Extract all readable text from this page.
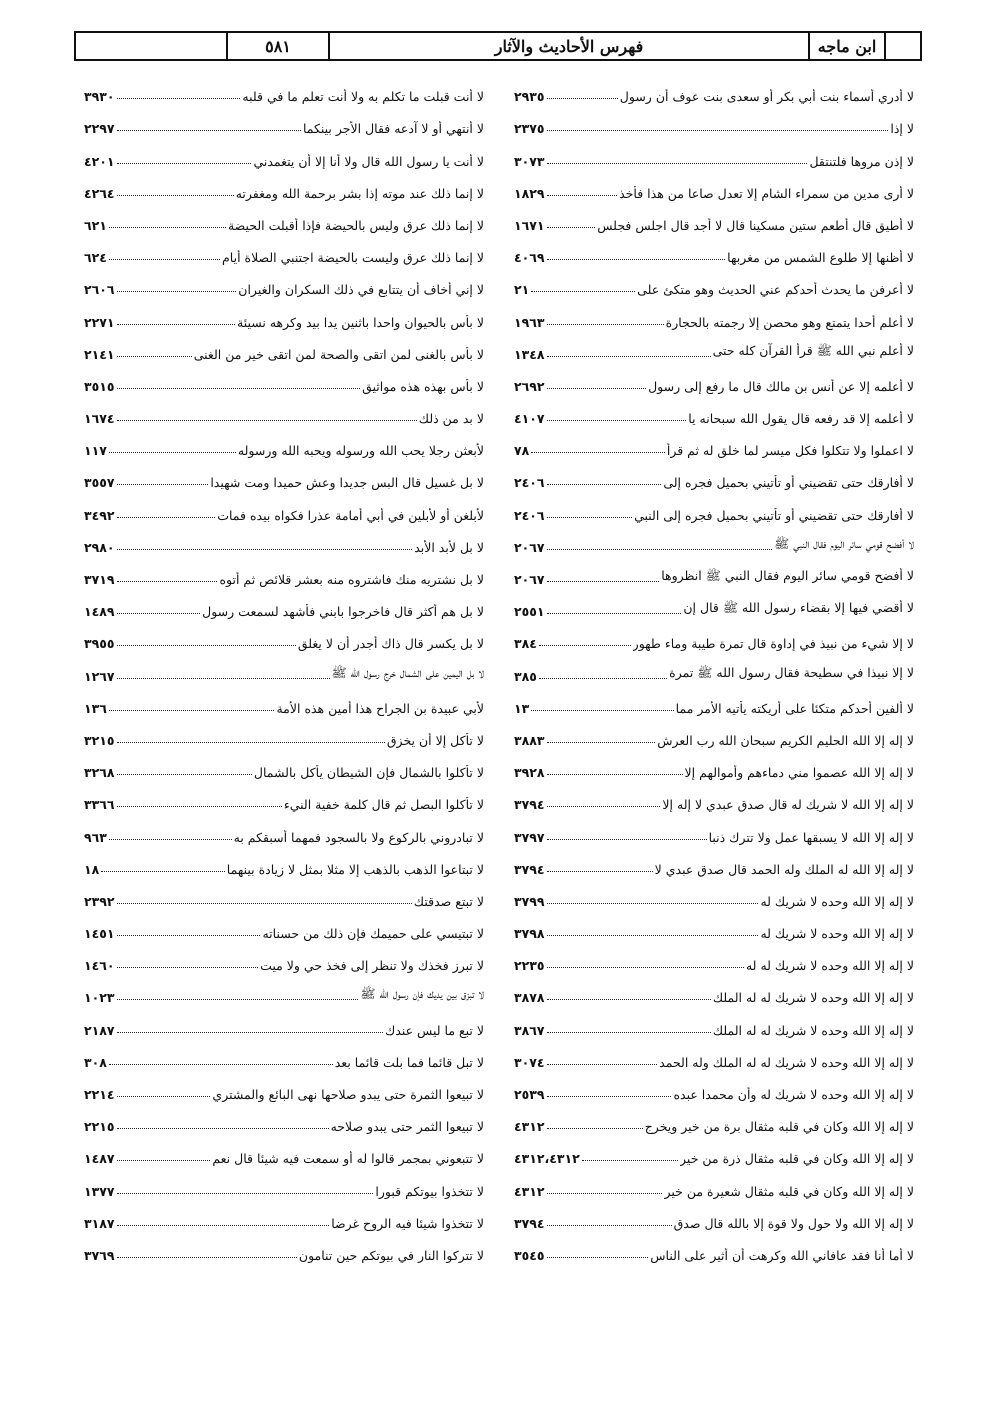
ابن ماجه
فهرس الأحاديث والآثار
٥٨١
لا أدري أسماء بنت أبي بكر أو سعدى بنت عوف أن رسول
٢٩٣٥
لا إذا
٢٣٧٥
لا إذن مروها فلتنتقل
٣٠٧٣
لا أرى مدين من سمراء الشام إلا تعدل صاعا من هذا فأخذ
١٨٢٩
لا أطيق قال أطعم ستين مسكينا قال لا أجد قال اجلس فجلس
١٦٧١
لا أظنها إلا طلوع الشمس من مغربها
٤٠٦٩
لا أعرفن ما يحدث أحدكم عني الحديث وهو متكئ على
٢١
لا أعلم أحدا يتمتع وهو محصن إلا رجمته بالحجارة
١٩٦٣
لا أعلم نبي الله ﷺ قرأ القرآن كله حتى
١٣٤٨
لا أعلمه إلا عن أنس بن مالك قال ما رفع إلى رسول
٢٦٩٢
لا أعلمه إلا قد رفعه قال يقول الله سبحانه يا
٤١٠٧
لا اعملوا ولا تتكلوا فكل ميسر لما خلق له ثم قرأ
٧٨
لا أفارقك حتى تقضيني أو تأتيني بحميل فجره إلى
٢٤٠٦
لا أفارقك حتى تقضيني أو تأتيني بحميل فجره إلى النبي
٢٤٠٦
لا أفضح قومي سائر اليوم فقال النبي ﷺ
٢٠٦٧
لا أفضح قومي سائر اليوم فقال النبي ﷺ انظروها
٢٠٦٧
لا أقضي فيها إلا بقضاء رسول الله ﷺ قال إن
٢٥٥١
لا إلا شيء من نبيذ في إداوة قال تمرة طيبة وماء طهور
٣٨٤
لا إلا نبيذا في سطيحة فقال رسول الله ﷺ تمرة
٣٨٥
لا ألفين أحدكم متكئا على أريكته يأتيه الأمر مما
١٣
لا إله إلا الله الحليم الكريم سبحان الله رب العرش
٣٨٨٣
لا إله إلا الله عصموا مني دماءهم وأموالهم إلا
٣٩٢٨
لا إله إلا الله لا شريك له قال صدق عبدي لا إله إلا
٣٧٩٤
لا إله إلا الله لا يسبقها عمل ولا تترك ذنبا
٣٧٩٧
لا إله إلا الله له الملك وله الحمد قال صدق عبدي لا
٣٧٩٤
لا إله إلا الله وحده لا شريك له
٣٧٩٩
لا إله إلا الله وحده لا شريك له
٣٧٩٨
لا إله إلا الله وحده لا شريك له له
٢٢٣٥
لا إله إلا الله وحده لا شريك له له الملك
٣٨٧٨
لا إله إلا الله وحده لا شريك له له الملك
٣٨٦٧
لا إله إلا الله وحده لا شريك له له الملك وله الحمد
٣٠٧٤
لا إله إلا الله وحده لا شريك له وأن محمدا عبده
٢٥٣٩
لا إله إلا الله وكان في قلبه مثقال برة من خير ويخرج
٤٣١٢
لا إله إلا الله وكان في قلبه مثقال ذرة من خير
٤٣١٢،٤٣١٢
لا إله إلا الله وكان في قلبه مثقال شعيرة من خير
٤٣١٢
لا إله إلا الله ولا حول ولا قوة إلا بالله قال صدق
٣٧٩٤
لا أما أنا فقد عافاني الله وكرهت أن أثير على الناس
٣٥٤٥
لا أنت قبلت ما تكلم به ولا أنت تعلم ما في قلبه
٣٩٣٠
لا أنتهي أو لا آدعه فقال الأجر بينكما
٢٢٩٧
لا أنت يا رسول الله قال ولا أنا إلا أن يتغمدني
٤٢٠١
لا إنما ذلك عند موته إذا بشر برحمة الله ومغفرته
٤٢٦٤
لا إنما ذلك عرق وليس بالحيضة فإذا أقبلت الحيضة
٦٢١
لا إنما ذلك عرق وليست بالحيضة اجتنبي الصلاة أيام
٦٢٤
لا إني أخاف أن يتتابع في ذلك السكران والغيران
٢٦٠٦
لا بأس بالحيوان واحدا باثنين يدا بيد وكرهه نسيئة
٢٢٧١
لا بأس بالغنى لمن اتقى والصحة لمن اتقى خير من الغنى
٢١٤١
لا بأس بهذه هذه مواثيق
٣٥١٥
لا بد من ذلك
١٦٧٤
لأبعثن رجلا يحب الله ورسوله ويحبه الله ورسوله
١١٧
لا بل غسيل قال البس جديدا وعش حميدا ومت شهيدا
٣٥٥٧
لأبلغن أو لأبلين في أبي أمامة عذرا فكواه بيده فمات
٣٤٩٢
لا بل لأبد الأبد
٢٩٨٠
لا بل نشتريه منك فاشتروه منه بعشر قلائص ثم أتوه
٣٧١٩
لا بل هم أكثر قال فاخرجوا بابني فأشهد لسمعت رسول
١٤٨٩
لا بل يكسر قال ذاك أجدر أن لا يغلق
٣٩٥٥
لا بل اليمين على الشمال خرج رسول الله ﷺ
١٢٦٧
لأبي عبيدة بن الجراح هذا أمين هذه الأمة
١٣٦
لا تأكل إلا أن يخزق
٣٢١٥
لا تأكلوا بالشمال فإن الشيطان يأكل بالشمال
٣٢٦٨
لا تأكلوا البصل ثم قال كلمة خفية النيء
٣٣٦٦
لا تبادروني بالركوع ولا بالسجود فمهما أسبقكم به
٩٦٣
لا تبتاعوا الذهب بالذهب إلا مثلا بمثل لا زيادة بينهما
١٨
لا تبتع صدقتك
٢٣٩٢
لا تبتيسي على حميمك فإن ذلك من حسناته
١٤٥١
لا تبرز فخذك ولا تنظر إلى فخذ حي ولا ميت
١٤٦٠
لا تبزق بين يديك فإن رسول الله ﷺ
١٠٢٣
لا تبع ما ليس عندك
٢١٨٧
لا تبل قائما فما بلت قائما بعد
٣٠٨
لا تبيعوا الثمرة حتى يبدو صلاحها نهى البائع والمشتري
٢٢١٤
لا تبيعوا الثمر حتى يبدو صلاحه
٢٢١٥
لا تتبعوني بمجمر قالوا له أو سمعت فيه شيئا قال نعم
١٤٨٧
لا تتخذوا بيوتكم قبورا
١٣٧٧
لا تتخذوا شيئا فيه الروح غرضا
٣١٨٧
لا تتركوا النار في بيوتكم حين تنامون
٣٧٦٩
